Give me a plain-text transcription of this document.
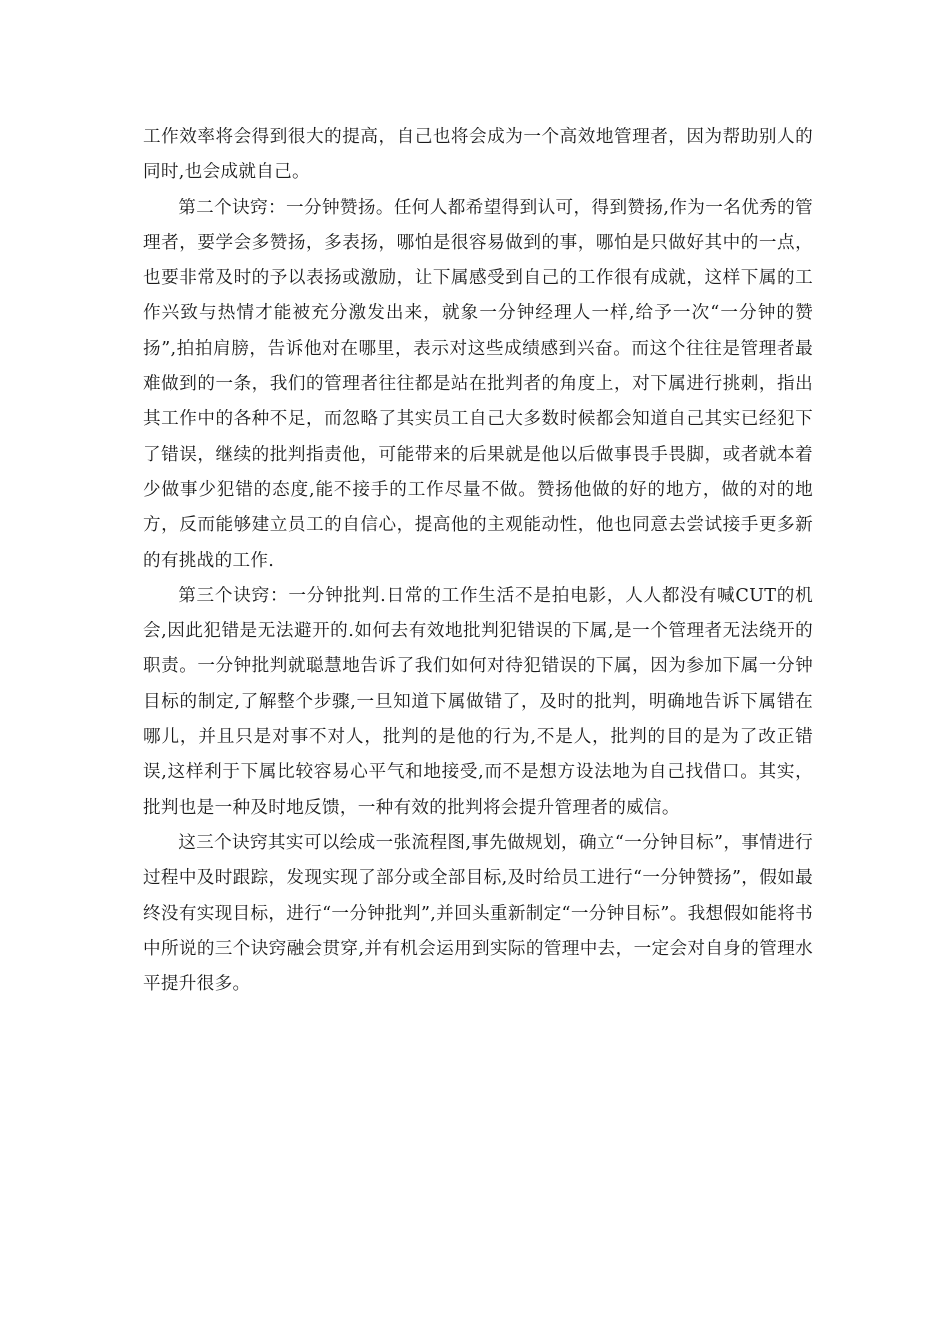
工作效率将会得到很大的提高，自己也将会成为一个高效地管理者，因为帮助别人的同时,也会成就自己。

第二个诀窍：一分钟赞扬。任何人都希望得到认可，得到赞扬,作为一名优秀的管理者，要学会多赞扬，多表扬，哪怕是很容易做到的事，哪怕是只做好其中的一点，也要非常及时的予以表扬或激励，让下属感受到自己的工作很有成就，这样下属的工作兴致与热情才能被充分激发出来，就象一分钟经理人一样,给予一次“一分钟的赞扬”,拍拍肩膀，告诉他对在哪里，表示对这些成绩感到兴奋。而这个往往是管理者最难做到的一条，我们的管理者往往都是站在批判者的角度上，对下属进行挑刺，指出其工作中的各种不足，而忽略了其实员工自己大多数时候都会知道自己其实已经犯下了错误，继续的批判指责他，可能带来的后果就是他以后做事畏手畏脚，或者就本着少做事少犯错的态度,能不接手的工作尽量不做。赞扬他做的好的地方，做的对的地方，反而能够建立员工的自信心，提高他的主观能动性，他也同意去尝试接手更多新的有挑战的工作.

第三个诀窍：一分钟批判.日常的工作生活不是拍电影，人人都没有喊CUT的机会,因此犯错是无法避开的.如何去有效地批判犯错误的下属,是一个管理者无法绕开的职责。一分钟批判就聪慧地告诉了我们如何对待犯错误的下属，因为参加下属一分钟目标的制定,了解整个步骤,一旦知道下属做错了，及时的批判，明确地告诉下属错在哪儿，并且只是对事不对人，批判的是他的行为,不是人，批判的目的是为了改正错误,这样利于下属比较容易心平气和地接受,而不是想方设法地为自己找借口。其实，批判也是一种及时地反馈，一种有效的批判将会提升管理者的威信。

这三个诀窍其实可以绘成一张流程图,事先做规划，确立“一分钟目标”，事情进行过程中及时跟踪，发现实现了部分或全部目标,及时给员工进行“一分钟赞扬”，假如最终没有实现目标，进行“一分钟批判”,并回头重新制定“一分钟目标”。我想假如能将书中所说的三个诀窍融会贯穿,并有机会运用到实际的管理中去，一定会对自身的管理水平提升很多。
